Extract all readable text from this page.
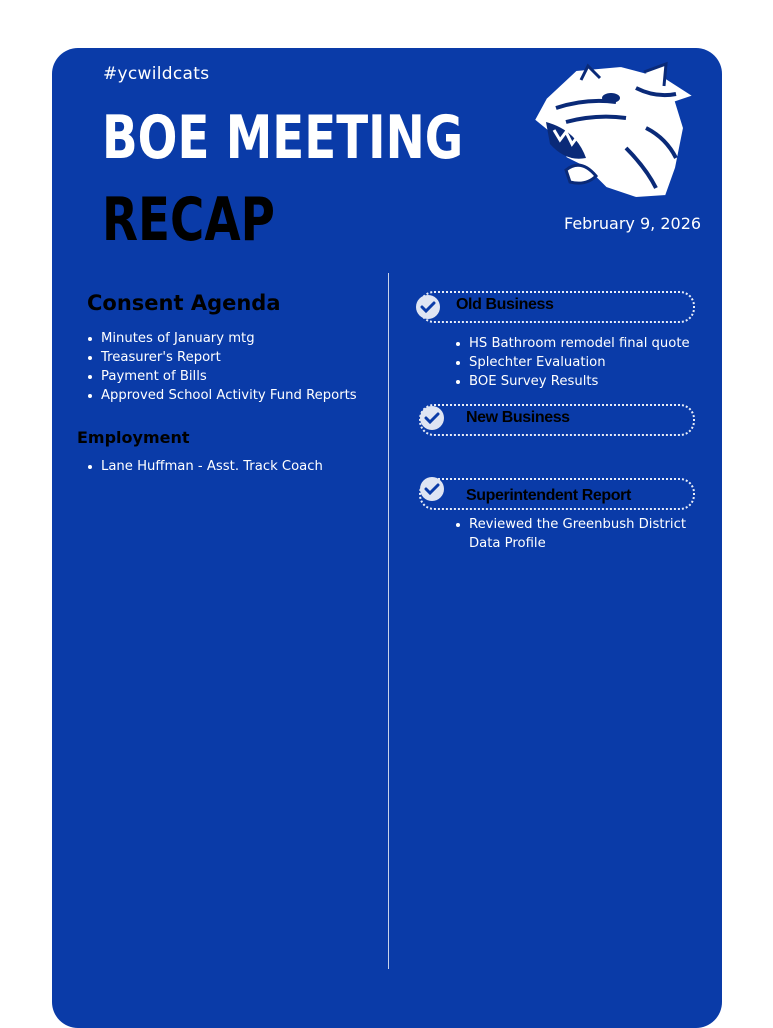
#ycwildcats
BOE MEETING
RECAP	February 9, 2026
Consent Agenda
Minutes of January mtg
Treasurer's Report
Payment of Bills
Approved School Activity Fund Reports
Employment
Lane Huffman - Asst. Track Coach
Old Business
HS Bathroom remodel final quote
Splechter Evaluation
BOE Survey Results
New Business
Superintendent Report
Reviewed the Greenbush District Data Profile
